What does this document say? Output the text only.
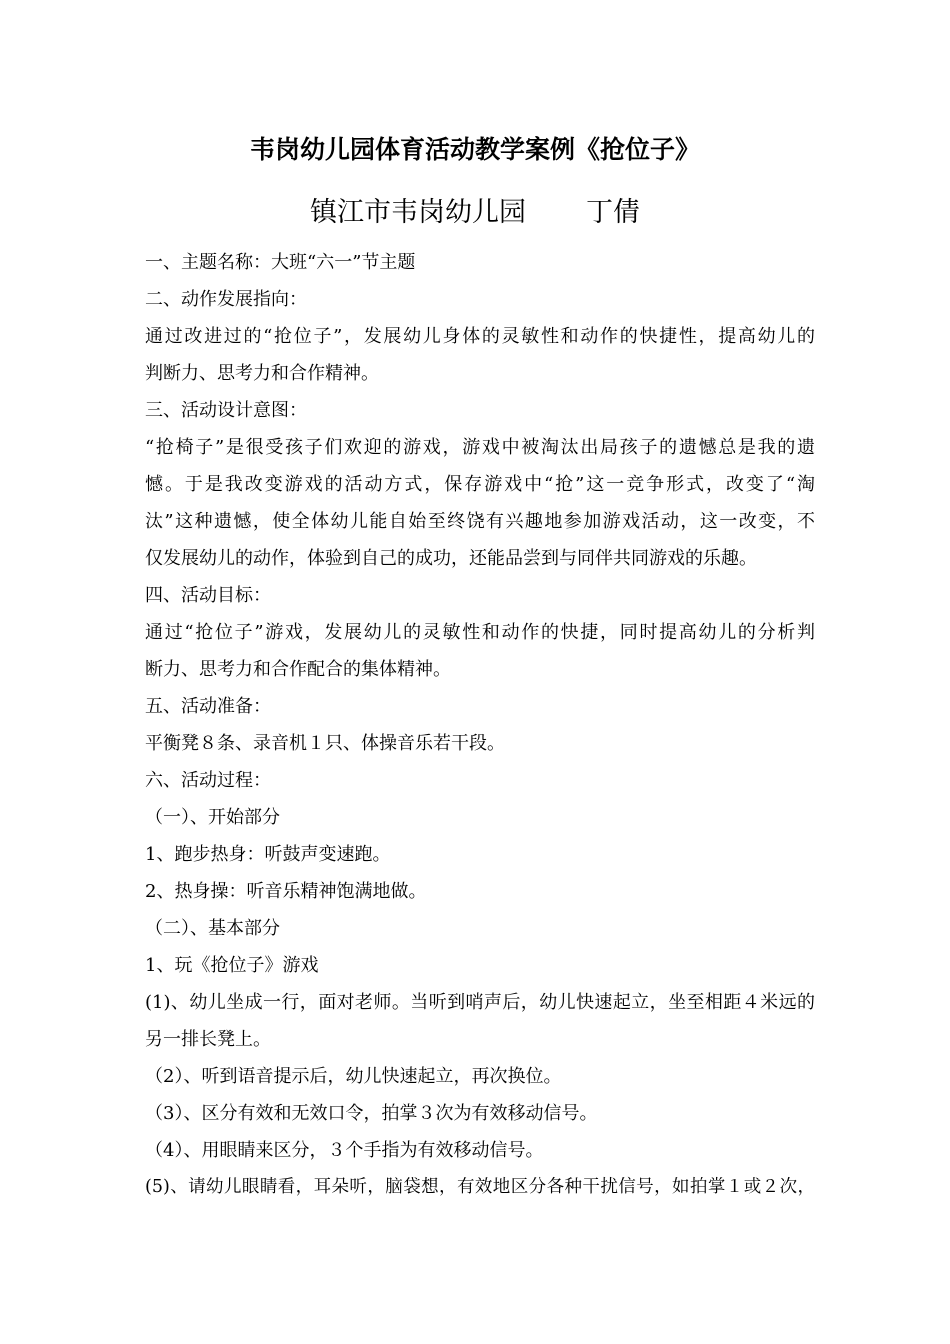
韦岗幼儿园体育活动教学案例《抢位子》
镇江市韦岗幼儿园 丁倩
一、主题名称：大班“六一”节主题
二、动作发展指向：
通过改进过的“抢位子”，发展幼儿身体的灵敏性和动作的快捷性，提高幼儿的
判断力、思考力和合作精神。
三、活动设计意图：
“抢椅子”是很受孩子们欢迎的游戏，游戏中被淘汰出局孩子的遗憾总是我的遗
憾。于是我改变游戏的活动方式，保存游戏中“抢”这一竞争形式，改变了“淘
汰”这种遗憾，使全体幼儿能自始至终饶有兴趣地参加游戏活动，这一改变，不
仅发展幼儿的动作，体验到自己的成功，还能品尝到与同伴共同游戏的乐趣。
四、活动目标：
通过“抢位子”游戏，发展幼儿的灵敏性和动作的快捷，同时提高幼儿的分析判
断力、思考力和合作配合的集体精神。
五、活动准备：
平衡凳８条、录音机１只、体操音乐若干段。
六、活动过程：
（一）、开始部分
1、跑步热身：听鼓声变速跑。
2、热身操：听音乐精神饱满地做。
（二）、基本部分
1、玩《抢位子》游戏
(1)、幼儿坐成一行，面对老师。当听到哨声后，幼儿快速起立，坐至相距４米远的
另一排长凳上。
（2）、听到语音提示后，幼儿快速起立，再次换位。
（3）、区分有效和无效口令，拍掌３次为有效移动信号。
（4）、用眼睛来区分，３个手指为有效移动信号。
(5)、请幼儿眼睛看，耳朵听，脑袋想，有效地区分各种干扰信号，如拍掌１或２次，
